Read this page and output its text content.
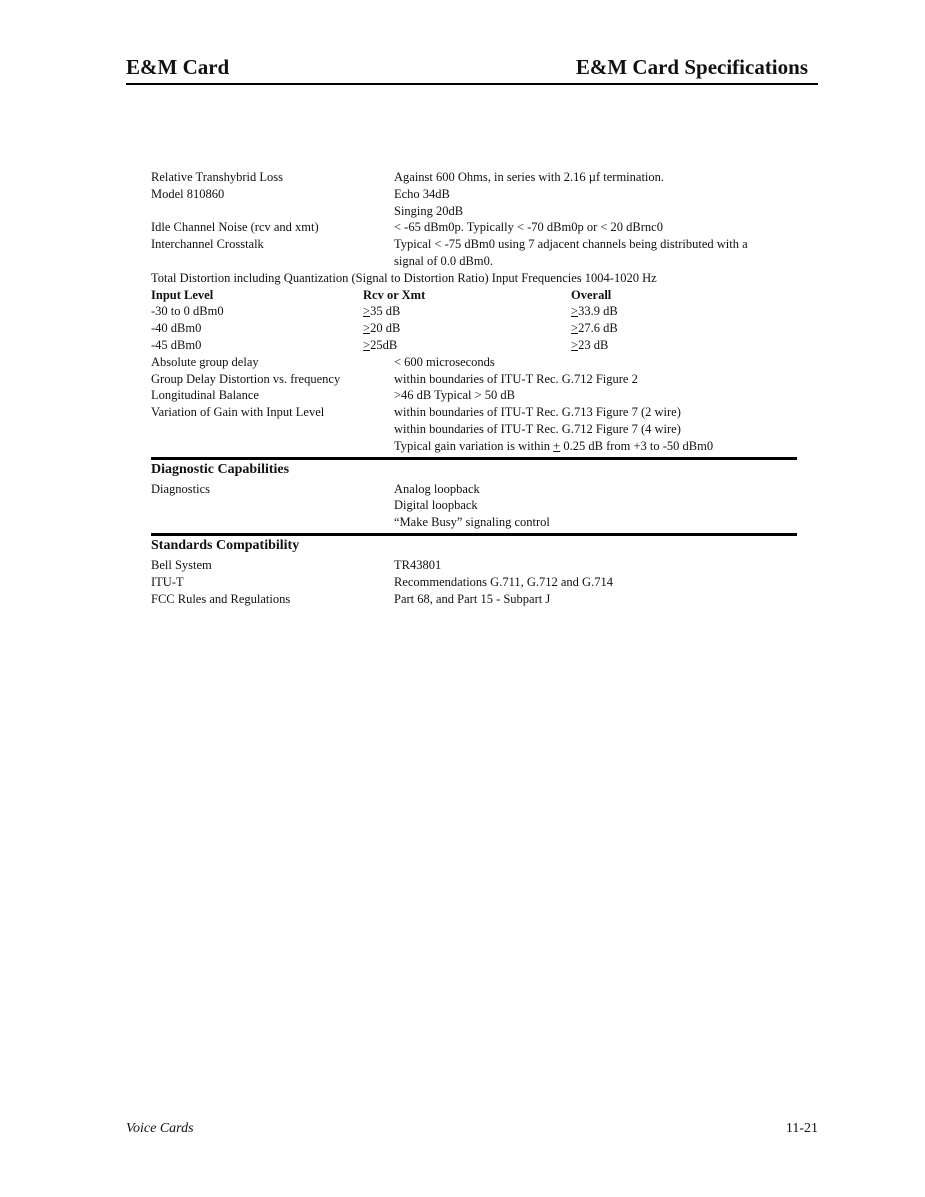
E&M Card	E&M Card Specifications
Relative Transhybrid Loss	Against 600 Ohms, in series with 2.16 µf termination.
Model 810860	Echo 34dB
Singing 20dB
Idle Channel Noise (rcv and xmt)	< -65 dBm0p. Typically < -70 dBm0p or < 20 dBrnc0
Interchannel Crosstalk	Typical < -75 dBm0 using 7 adjacent channels being distributed with a
signal of 0.0 dBm0.
Total Distortion including Quantization (Signal to Distortion Ratio) Input Frequencies 1004-1020 Hz
Input Level	Rcv or Xmt	Overall
-30 to 0 dBm0	≥35 dB	≥33.9 dB
-40 dBm0	≥20 dB	≥27.6 dB
-45 dBm0	≥25dB	≥23 dB
Absolute group delay	< 600 microseconds
Group Delay Distortion vs. frequency	within boundaries of ITU-T Rec. G.712 Figure 2
Longitudinal Balance	>46 dB Typical > 50 dB
Variation of Gain with Input Level	within boundaries of ITU-T Rec. G.713 Figure 7 (2 wire)
within boundaries of ITU-T Rec. G.712 Figure 7 (4 wire)
Typical gain variation is within + 0.25 dB from +3 to -50 dBm0
Diagnostic Capabilities
Diagnostics	Analog loopback
Digital loopback
“Make Busy” signaling control
Standards Compatibility
Bell System	TR43801
ITU-T	Recommendations G.711, G.712 and G.714
FCC Rules and Regulations	Part 68, and Part 15 - Subpart J
Voice Cards	11-21
